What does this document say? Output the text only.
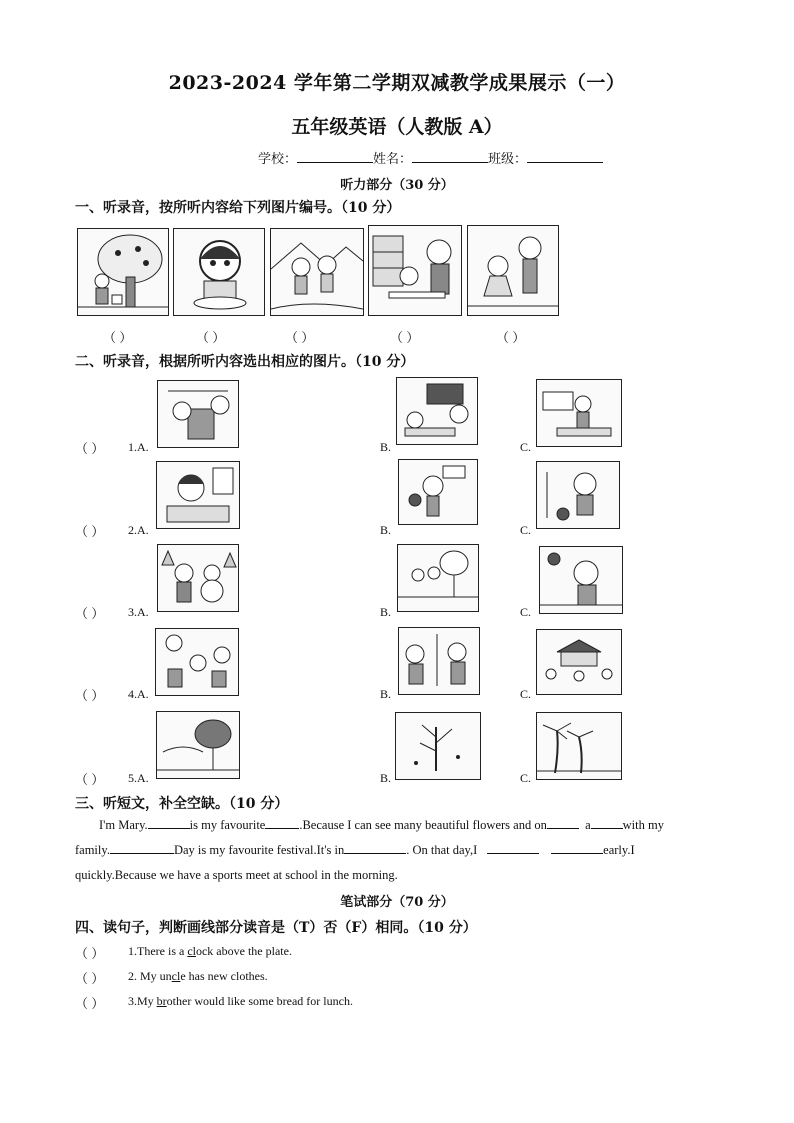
2023-2024 学年第二学期双减教学成果展示（一）
五年级英语（人教版 A）
学校：	姓名：	班级：
听力部分（30 分）
一、听录音，按所听内容给下列图片编号。（10 分）
（ ）	（ ）	（ ）	（ ）	（ ）
二、听录音，根据所听内容选出相应的图片。（10 分）
（ ） 1.A.	B.	C.
（ ） 2.A.	B.	C.
（ ） 3.A.	B.	C.
（ ） 4.A.	B.	C.
（ ） 5.A.	B.	C.
三、听短文，补全空缺。（10 分）
I'm Mary.	is my favourite	.Because I can see many beautiful flowers and on	a	with my
family.	Day is my favourite festival.It's in	. On that day,I	early.I
quickly.Because we have a sports meet at school in the morning.
笔试部分（70 分）
四、读句子，判断画线部分读音是（T）否（F）相同。（10 分）
（ ） 1.There is a clock above the plate.
（ ） 2. My uncle has new clothes.
（ ） 3.My brother would like some bread for lunch.
